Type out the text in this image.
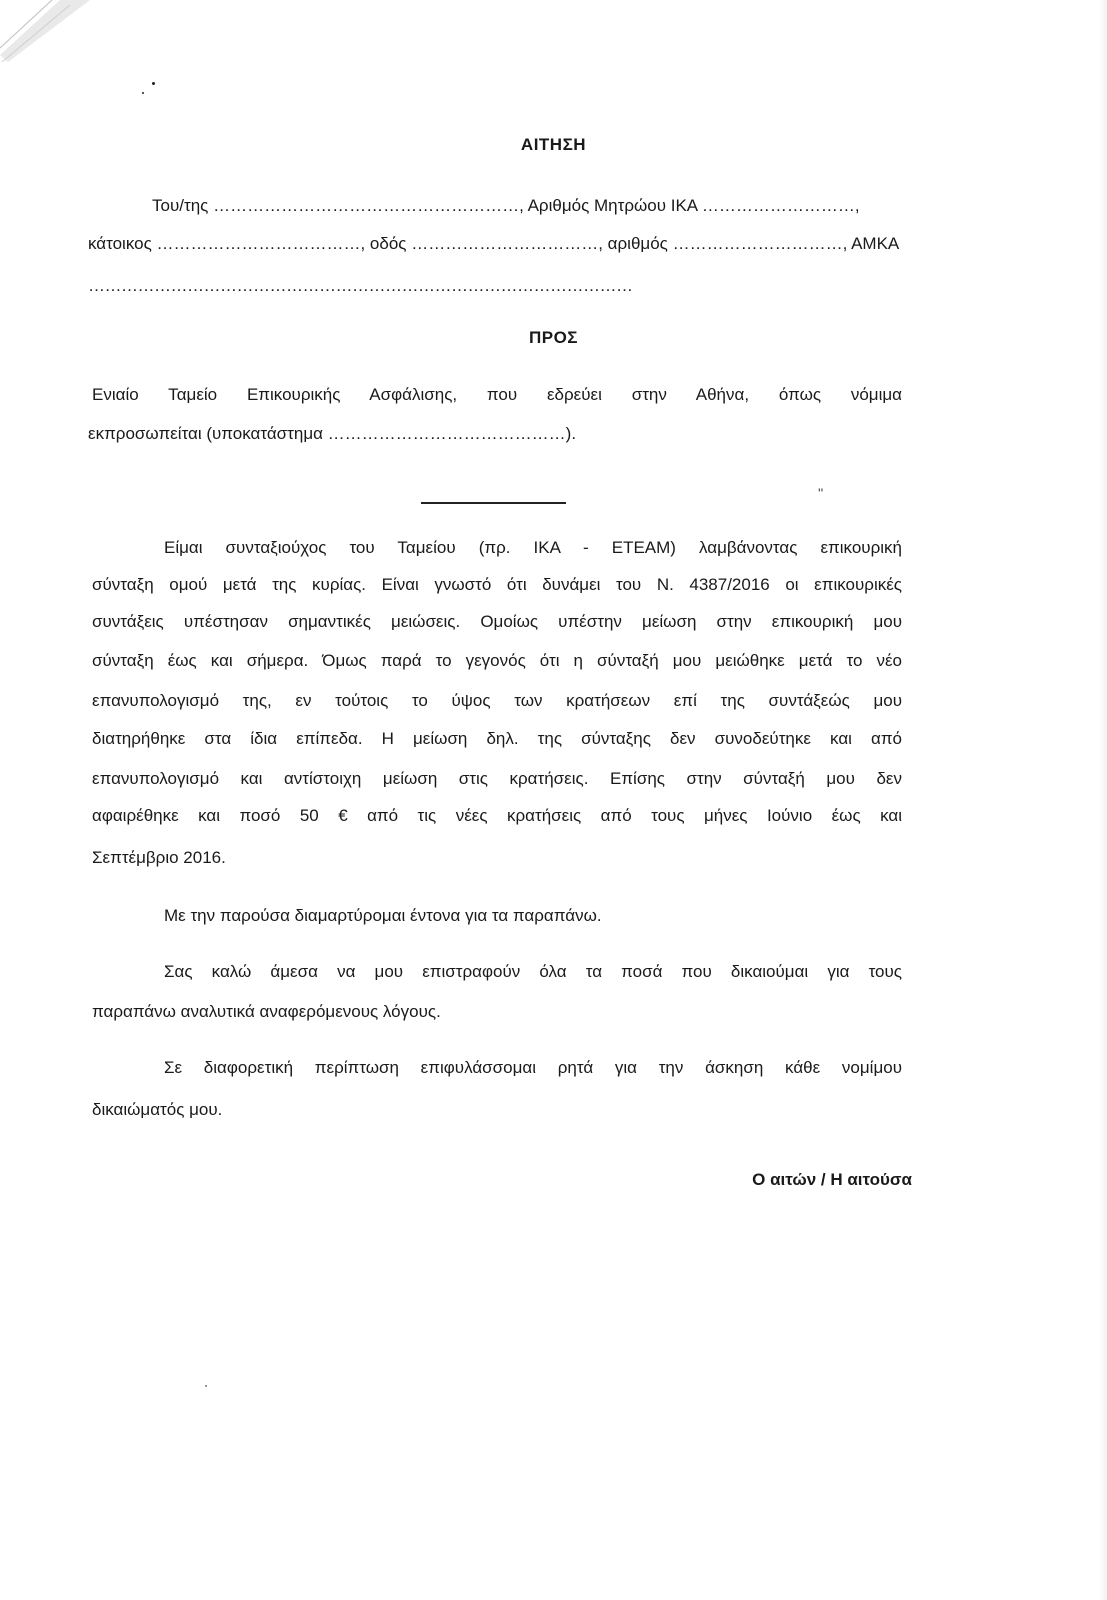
ΑΙΤΗΣΗ
Του/της ………………………………………………, Αριθμός Μητρώου ΙΚΑ ………………………,
κάτοικος ………………………………, οδός ……………………………, αριθμός …………………………, ΑΜΚΑ
………………………………………………………………………………………
ΠΡΟΣ
Ενιαίο Ταμείο Επικουρικής Ασφάλισης, που εδρεύει στην Αθήνα, όπως νόμιμα
εκπροσωπείται (υποκατάστημα ……………………………………).
ʹʹ
Είμαι συνταξιούχος του Ταμείου (πρ. ΙΚΑ - ΕΤΕΑΜ) λαμβάνοντας επικουρική
σύνταξη ομού μετά της κυρίας. Είναι γνωστό ότι δυνάμει του Ν. 4387/2016 οι επικουρικές
συντάξεις υπέστησαν σημαντικές μειώσεις. Ομοίως υπέστην μείωση στην επικουρική μου
σύνταξη έως και σήμερα. Όμως παρά το γεγονός ότι η σύνταξή μου μειώθηκε μετά το νέο
επανυπολογισμό της, εν τούτοις το ύψος των κρατήσεων επί της συντάξεώς μου
διατηρήθηκε στα ίδια επίπεδα. Η μείωση δηλ. της σύνταξης δεν συνοδεύτηκε και από
επανυπολογισμό και αντίστοιχη μείωση στις κρατήσεις. Επίσης στην σύνταξή μου δεν
αφαιρέθηκε και ποσό 50 € από τις νέες κρατήσεις από τους μήνες Ιούνιο έως και
Σεπτέμβριο 2016.
Με την παρούσα διαμαρτύρομαι έντονα για τα παραπάνω.
Σας καλώ άμεσα να μου επιστραφούν όλα τα ποσά που δικαιούμαι για τους
παραπάνω αναλυτικά αναφερόμενους λόγους.
Σε διαφορετική περίπτωση επιφυλάσσομαι ρητά για την άσκηση κάθε νομίμου
δικαιώματός μου.
Ο αιτών / Η αιτούσα
